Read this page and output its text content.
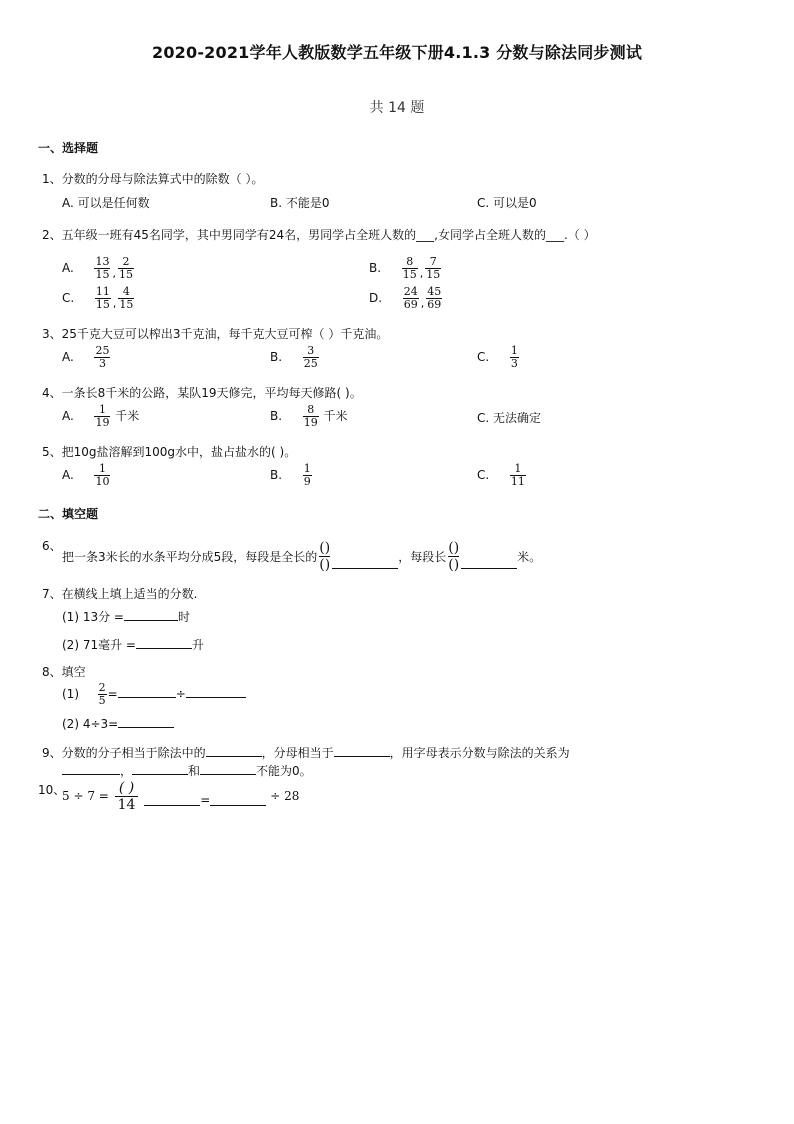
2020-2021学年人教版数学五年级下册4.1.3 分数与除法同步测试
共 14 题
一、选择题
1、分数的分母与除法算式中的除数（ ）。
A. 可以是任何数	B. 不能是0	C. 可以是0
2、五年级一班有45名同学，其中男同学有24名，男同学占全班人数的___,女同学占全班人数的___.（ ）
A. $\frac{13}{15}$ , $\frac{2}{15}$	B. $\frac{8}{15}$ , $\frac{7}{15}$
C. $\frac{11}{15}$ , $\frac{4}{15}$	D. $\frac{24}{69}$ , $\frac{45}{69}$
3、25千克大豆可以榨出3千克油，每千克大豆可榨（ ）千克油。
A. $\frac{25}{3}$	B. $\frac{3}{25}$	C. $\frac{1}{3}$
4、一条长8千米的公路，某队19天修完，平均每天修路( )。
A. $\frac{1}{19}$ 千米	B. $\frac{8}{19}$ 千米	C. 无法确定
5、把10g盐溶解到100g水中，盐占盐水的( )。
A. $\frac{1}{10}$	B. $\frac{1}{9}$	C. $\frac{1}{11}$
二、填空题
6、
把一条3米长的水条平均分成5段，每段是全长的 $\frac{()}{()}$	，每段长 $\frac{()}{()}$	米。
7、在横线上填上适当的分数.
(1) 13分 =	时
(2) 71毫升 =	升
8、填空
$(1) \frac{2}{5}$ =	÷
(2) 4÷3=
9、分数的分子相当于除法中的	，分母相当于	，用字母表示分数与除法的关系为
，	和	不能为0。
10、
$5 \div 7 = \frac{( )}{14}$	=	÷ 28
